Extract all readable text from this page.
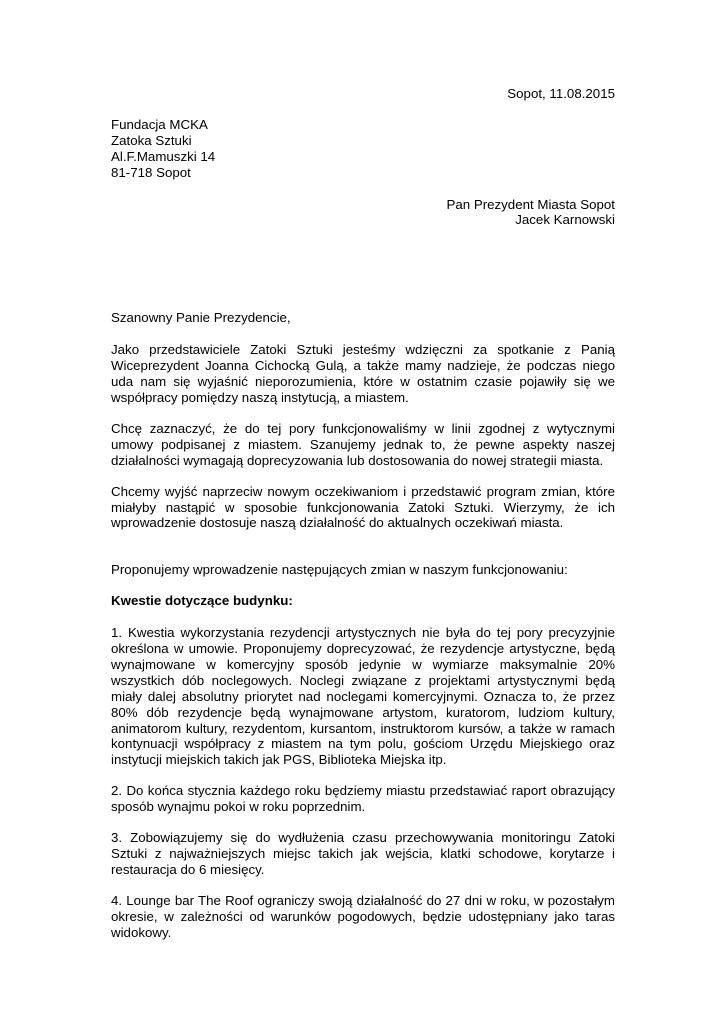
Sopot, 11.08.2015
Fundacja MCKA
Zatoka Sztuki
Al.F.Mamuszki 14
81-718 Sopot
Pan Prezydent Miasta Sopot
Jacek Karnowski

Szanowny Panie Prezydencie,

Jako przedstawiciele Zatoki Sztuki jesteśmy wdzięczni za spotkanie z Panią Wiceprezydent Joanna Cichocką Gulą, a także mamy nadzieje, że podczas niego uda nam się wyjaśnić nieporozumienia, które w ostatnim czasie pojawiły się we współpracy pomiędzy naszą instytucją, a miastem.

Chcę zaznaczyć, że do tej pory funkcjonowaliśmy w linii zgodnej z wytycznymi umowy podpisanej z miastem. Szanujemy jednak to, że pewne aspekty naszej działalności wymagają doprecyzowania lub dostosowania do nowej strategii miasta.

Chcemy wyjść naprzeciw nowym oczekiwaniom i przedstawić program zmian, które miałyby nastąpić w sposobie funkcjonowania Zatoki Sztuki. Wierzymy, że ich wprowadzenie dostosuje naszą działalność do aktualnych oczekiwań miasta.

Proponujemy wprowadzenie następujących zmian w naszym funkcjonowaniu:

Kwestie dotyczące budynku:

1. Kwestia wykorzystania rezydencji artystycznych nie była do tej pory precyzyjnie określona w umowie. Proponujemy doprecyzować, że rezydencje artystyczne, będą wynajmowane w komercyjny sposób jedynie w wymiarze maksymalnie 20% wszystkich dób noclegowych. Noclegi związane z projektami artystycznymi będą miały dalej absolutny priorytet nad noclegami komercyjnymi. Oznacza to, że przez 80% dób rezydencje będą wynajmowane artystom, kuratorom, ludziom kultury, animatorom kultury, rezydentom, kursantom, instruktorom kursów, a także w ramach kontynuacji współpracy z miastem na tym polu, gościom Urzędu Miejskiego oraz instytucji miejskich takich jak PGS, Biblioteka Miejska itp.

2. Do końca stycznia każdego roku będziemy miastu przedstawiać raport obrazujący sposób wynajmu pokoi w roku poprzednim.

3. Zobowiązujemy się do wydłużenia czasu przechowywania monitoringu Zatoki Sztuki z najważniejszych miejsc takich jak wejścia, klatki schodowe, korytarze i restauracja do 6 miesięcy.

4. Lounge bar The Roof ograniczy swoją działalność do 27 dni w roku, w pozostałym okresie, w zależności od warunków pogodowych, będzie udostępniany jako taras widokowy.
